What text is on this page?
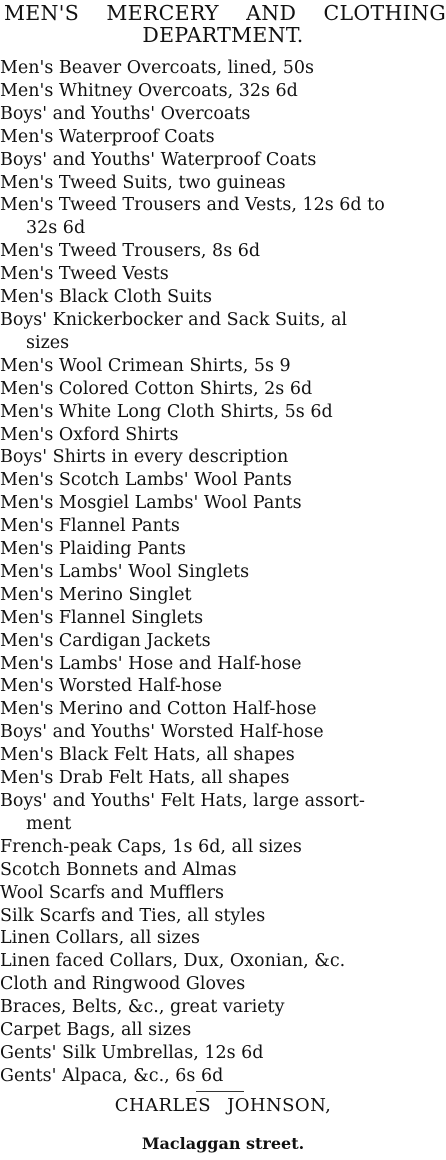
MEN'S MERCERY AND CLOTHING
DEPARTMENT.
Men's Beaver Overcoats, lined, 50s
Men's Whitney Overcoats, 32s 6d
Boys' and Youths' Overcoats
Men's Waterproof Coats
Boys' and Youths' Waterproof Coats
Men's Tweed Suits, two guineas
Men's Tweed Trousers and Vests, 12s 6d to
32s 6d
Men's Tweed Trousers, 8s 6d
Men's Tweed Vests
Men's Black Cloth Suits
Boys' Knickerbocker and Sack Suits, al
sizes
Men's Wool Crimean Shirts, 5s 9
Men's Colored Cotton Shirts, 2s 6d
Men's White Long Cloth Shirts, 5s 6d
Men's Oxford Shirts
Boys' Shirts in every description
Men's Scotch Lambs' Wool Pants
Men's Mosgiel Lambs' Wool Pants
Men's Flannel Pants
Men's Plaiding Pants
Men's Lambs' Wool Singlets
Men's Merino Singlet
Men's Flannel Singlets
Men's Cardigan Jackets
Men's Lambs' Hose and Half-hose
Men's Worsted Half-hose
Men's Merino and Cotton Half-hose
Boys' and Youths' Worsted Half-hose
Men's Black Felt Hats, all shapes
Men's Drab Felt Hats, all shapes
Boys' and Youths' Felt Hats, large assort-
ment
French-peak Caps, 1s 6d, all sizes
Scotch Bonnets and Almas
Wool Scarfs and Mufflers
Silk Scarfs and Ties, all styles
Linen Collars, all sizes
Linen faced Collars, Dux, Oxonian, &c.
Cloth and Ringwood Gloves
Braces, Belts, &c., great variety
Carpet Bags, all sizes
Gents' Silk Umbrellas, 12s 6d
Gents' Alpaca, &c., 6s 6d
CHARLES JOHNSON,
Maclaggan street.
